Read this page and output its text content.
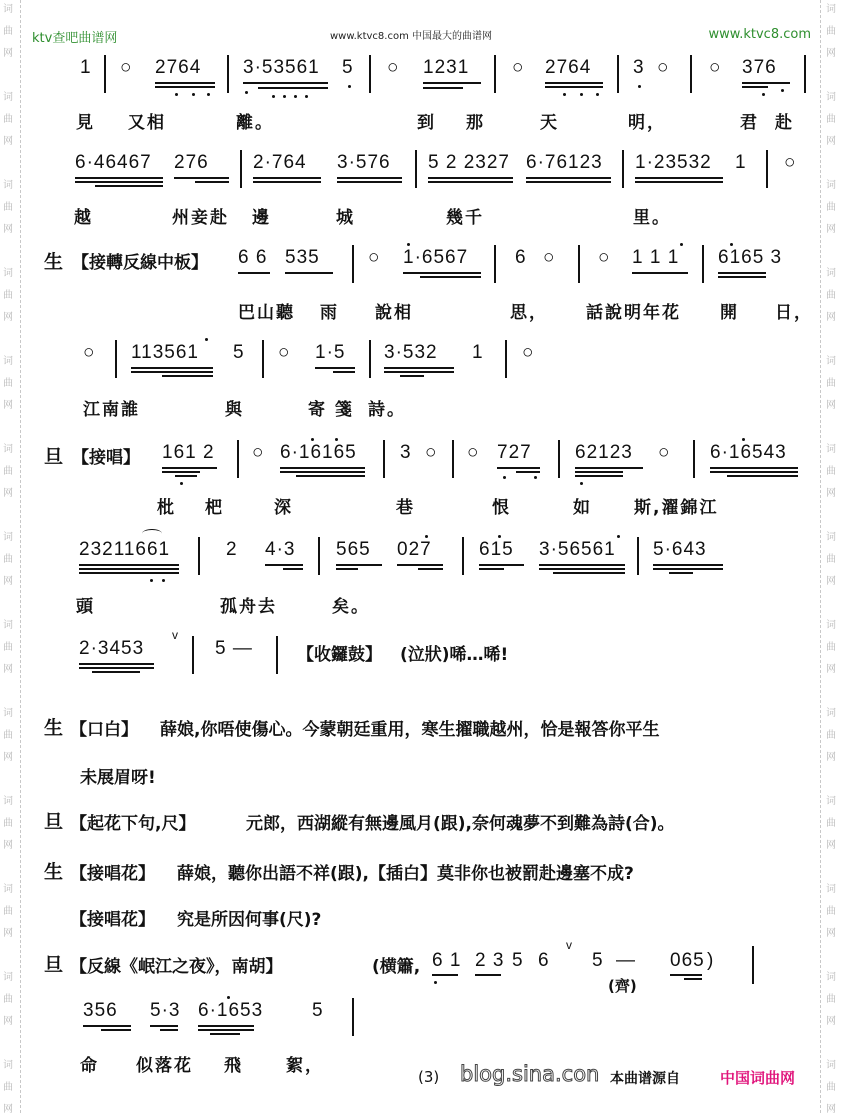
词
曲
网
词
曲
网
词
曲
网
词
曲
网
词
曲
网
词
曲
网
词
曲
网
词
曲
网
词
曲
网
词
曲
网
词
曲
网
词
曲
网
词
曲
网
词
曲
网
词
曲
网
词
曲
网
词
曲
网
词
曲
网
词
曲
网
词
曲
网
词
曲
网
词
曲
网
词
曲
网
词
曲
网
词
曲
网
词
曲
网
ktv查吧曲谱网	www.ktvc8.com 中国最大的曲谱网	www.ktvc8.com
1 ○ 2764 3·53561 5 ○ 1231 ○ 2764 3 ○ ○ 376
見 又相	離。	到 那	天	明，	君 赴
6·46467 276 2·764 3·576 5 2 2327 6·76123 1·23532 1 ○
越	州妾赴 邊	城	幾千	里。
生 【接轉反線中板】 6 6 535	○ 1·6567 6 ○ ○ 1 1 1 6165 3
巴山聽 雨 說相	思， 話說明年花 開 日，
○ 113561 5 ○ 1·5 3·532 1 ○
江南誰	與	寄 箋 詩。
旦 【接唱】 161 2 ○ 6·16165 3 ○ ○ 727 62123 ○ 6·16543
枇 杷	深	巷	恨	如 斯,濯錦江
23211661	2 4·3 565 027 615 3·56561 5·643
頭	孤舟去	矣。
2·3453
v
5 —	【收鑼鼓】 (泣狀)唏…唏!
生 【口白】 薛娘,你唔使傷心。今蒙朝廷重用，寒生擢職越州，恰是報答你平生
未展眉呀!
旦 【起花下句,尺】	元郎，西湖縱有無邊風月(跟),奈何魂夢不到難為詩(合)。
生 【接唱花】 薛娘，聽你出語不祥(跟),【插白】莫非你也被罰赴邊塞不成?
【接唱花】 究是所因何事(尺)?
旦 【反線《岷江之夜》，南胡】	(横簫, 6 1 2 3 5 6
v
5 — 065 )
(齊)
356 5·3 6·1653	5
命 似落花 飛	絮，
(3) blog.sina.con 本曲谱源自	中国词曲网
